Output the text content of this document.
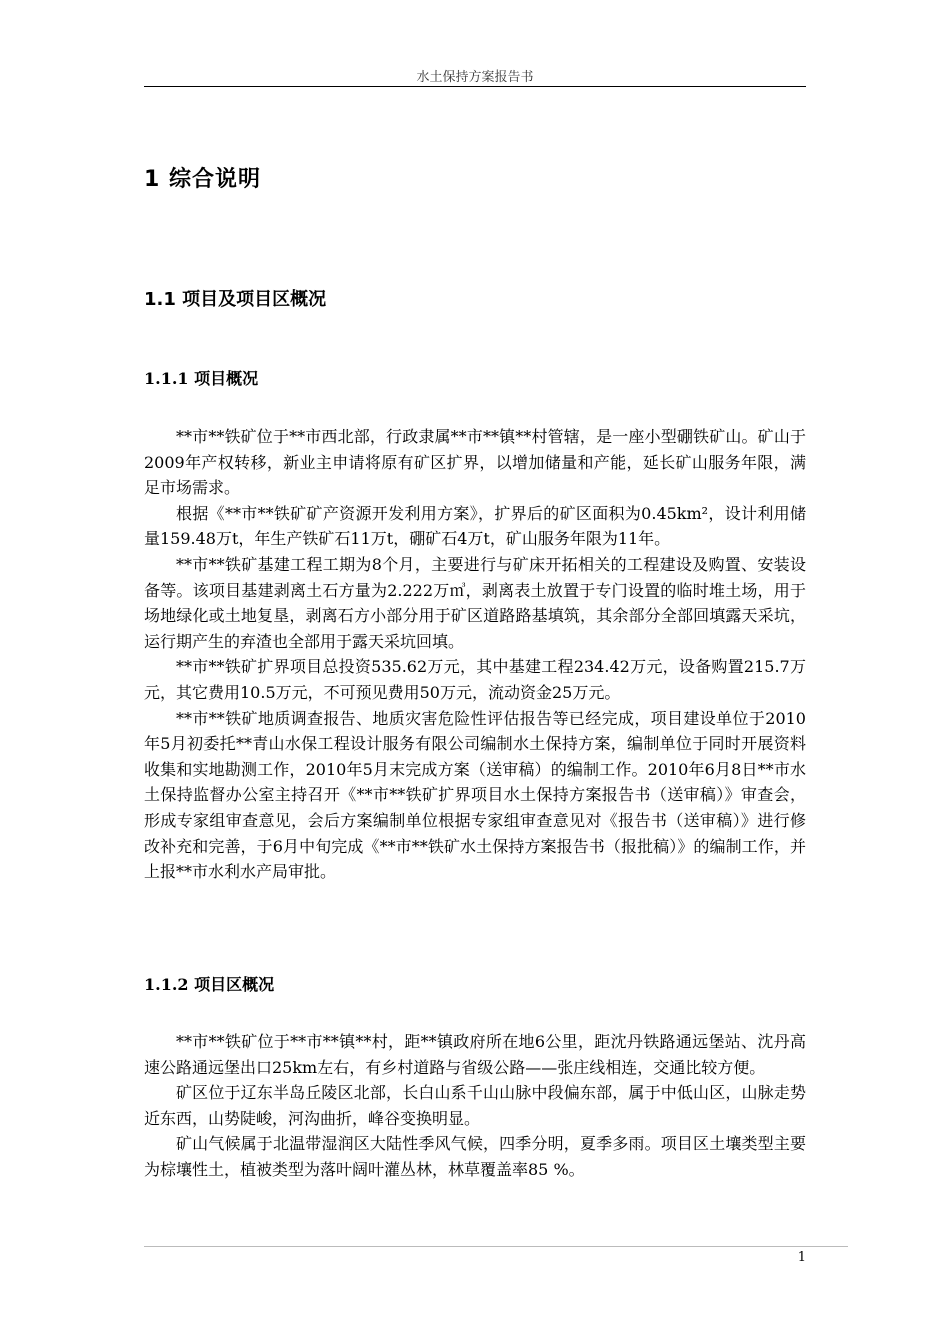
水土保持方案报告书
1 综合说明
1.1 项目及项目区概况
1.1.1 项目概况

**市**铁矿位于**市西北部，行政隶属**市**镇**村管辖，是一座小型硼铁矿山。矿山于2009年产权转移，新业主申请将原有矿区扩界，以增加储量和产能，延长矿山服务年限，满足市场需求。

根据《**市**铁矿矿产资源开发利用方案》，扩界后的矿区面积为0.45km²，设计利用储量159.48万t，年生产铁矿石11万t，硼矿石4万t，矿山服务年限为11年。

**市**铁矿基建工程工期为8个月，主要进行与矿床开拓相关的工程建设及购置、安装设备等。该项目基建剥离土石方量为2.222万㎥，剥离表土放置于专门设置的临时堆土场，用于场地绿化或土地复垦，剥离石方小部分用于矿区道路路基填筑，其余部分全部回填露天采坑，运行期产生的弃渣也全部用于露天采坑回填。

**市**铁矿扩界项目总投资535.62万元，其中基建工程234.42万元，设备购置215.7万元，其它费用10.5万元，不可预见费用50万元，流动资金25万元。

**市**铁矿地质调查报告、地质灾害危险性评估报告等已经完成，项目建设单位于2010年5月初委托**青山水保工程设计服务有限公司编制水土保持方案，编制单位于同时开展资料收集和实地勘测工作，2010年5月末完成方案（送审稿）的编制工作。2010年6月8日**市水土保持监督办公室主持召开《**市**铁矿扩界项目水土保持方案报告书（送审稿）》审查会，形成专家组审查意见，会后方案编制单位根据专家组审查意见对《报告书（送审稿）》进行修改补充和完善，于6月中旬完成《**市**铁矿水土保持方案报告书（报批稿）》的编制工作，并上报**市水利水产局审批。

1.1.2 项目区概况

**市**铁矿位于**市**镇**村，距**镇政府所在地6公里，距沈丹铁路通远堡站、沈丹高速公路通远堡出口25km左右，有乡村道路与省级公路——张庄线相连，交通比较方便。

矿区位于辽东半岛丘陵区北部，长白山系千山山脉中段偏东部，属于中低山区，山脉走势近东西，山势陡峻，河沟曲折，峰谷变换明显。

矿山气候属于北温带湿润区大陆性季风气候，四季分明，夏季多雨。项目区土壤类型主要为棕壤性土，植被类型为落叶阔叶灌丛林，林草覆盖率85 %。

1
